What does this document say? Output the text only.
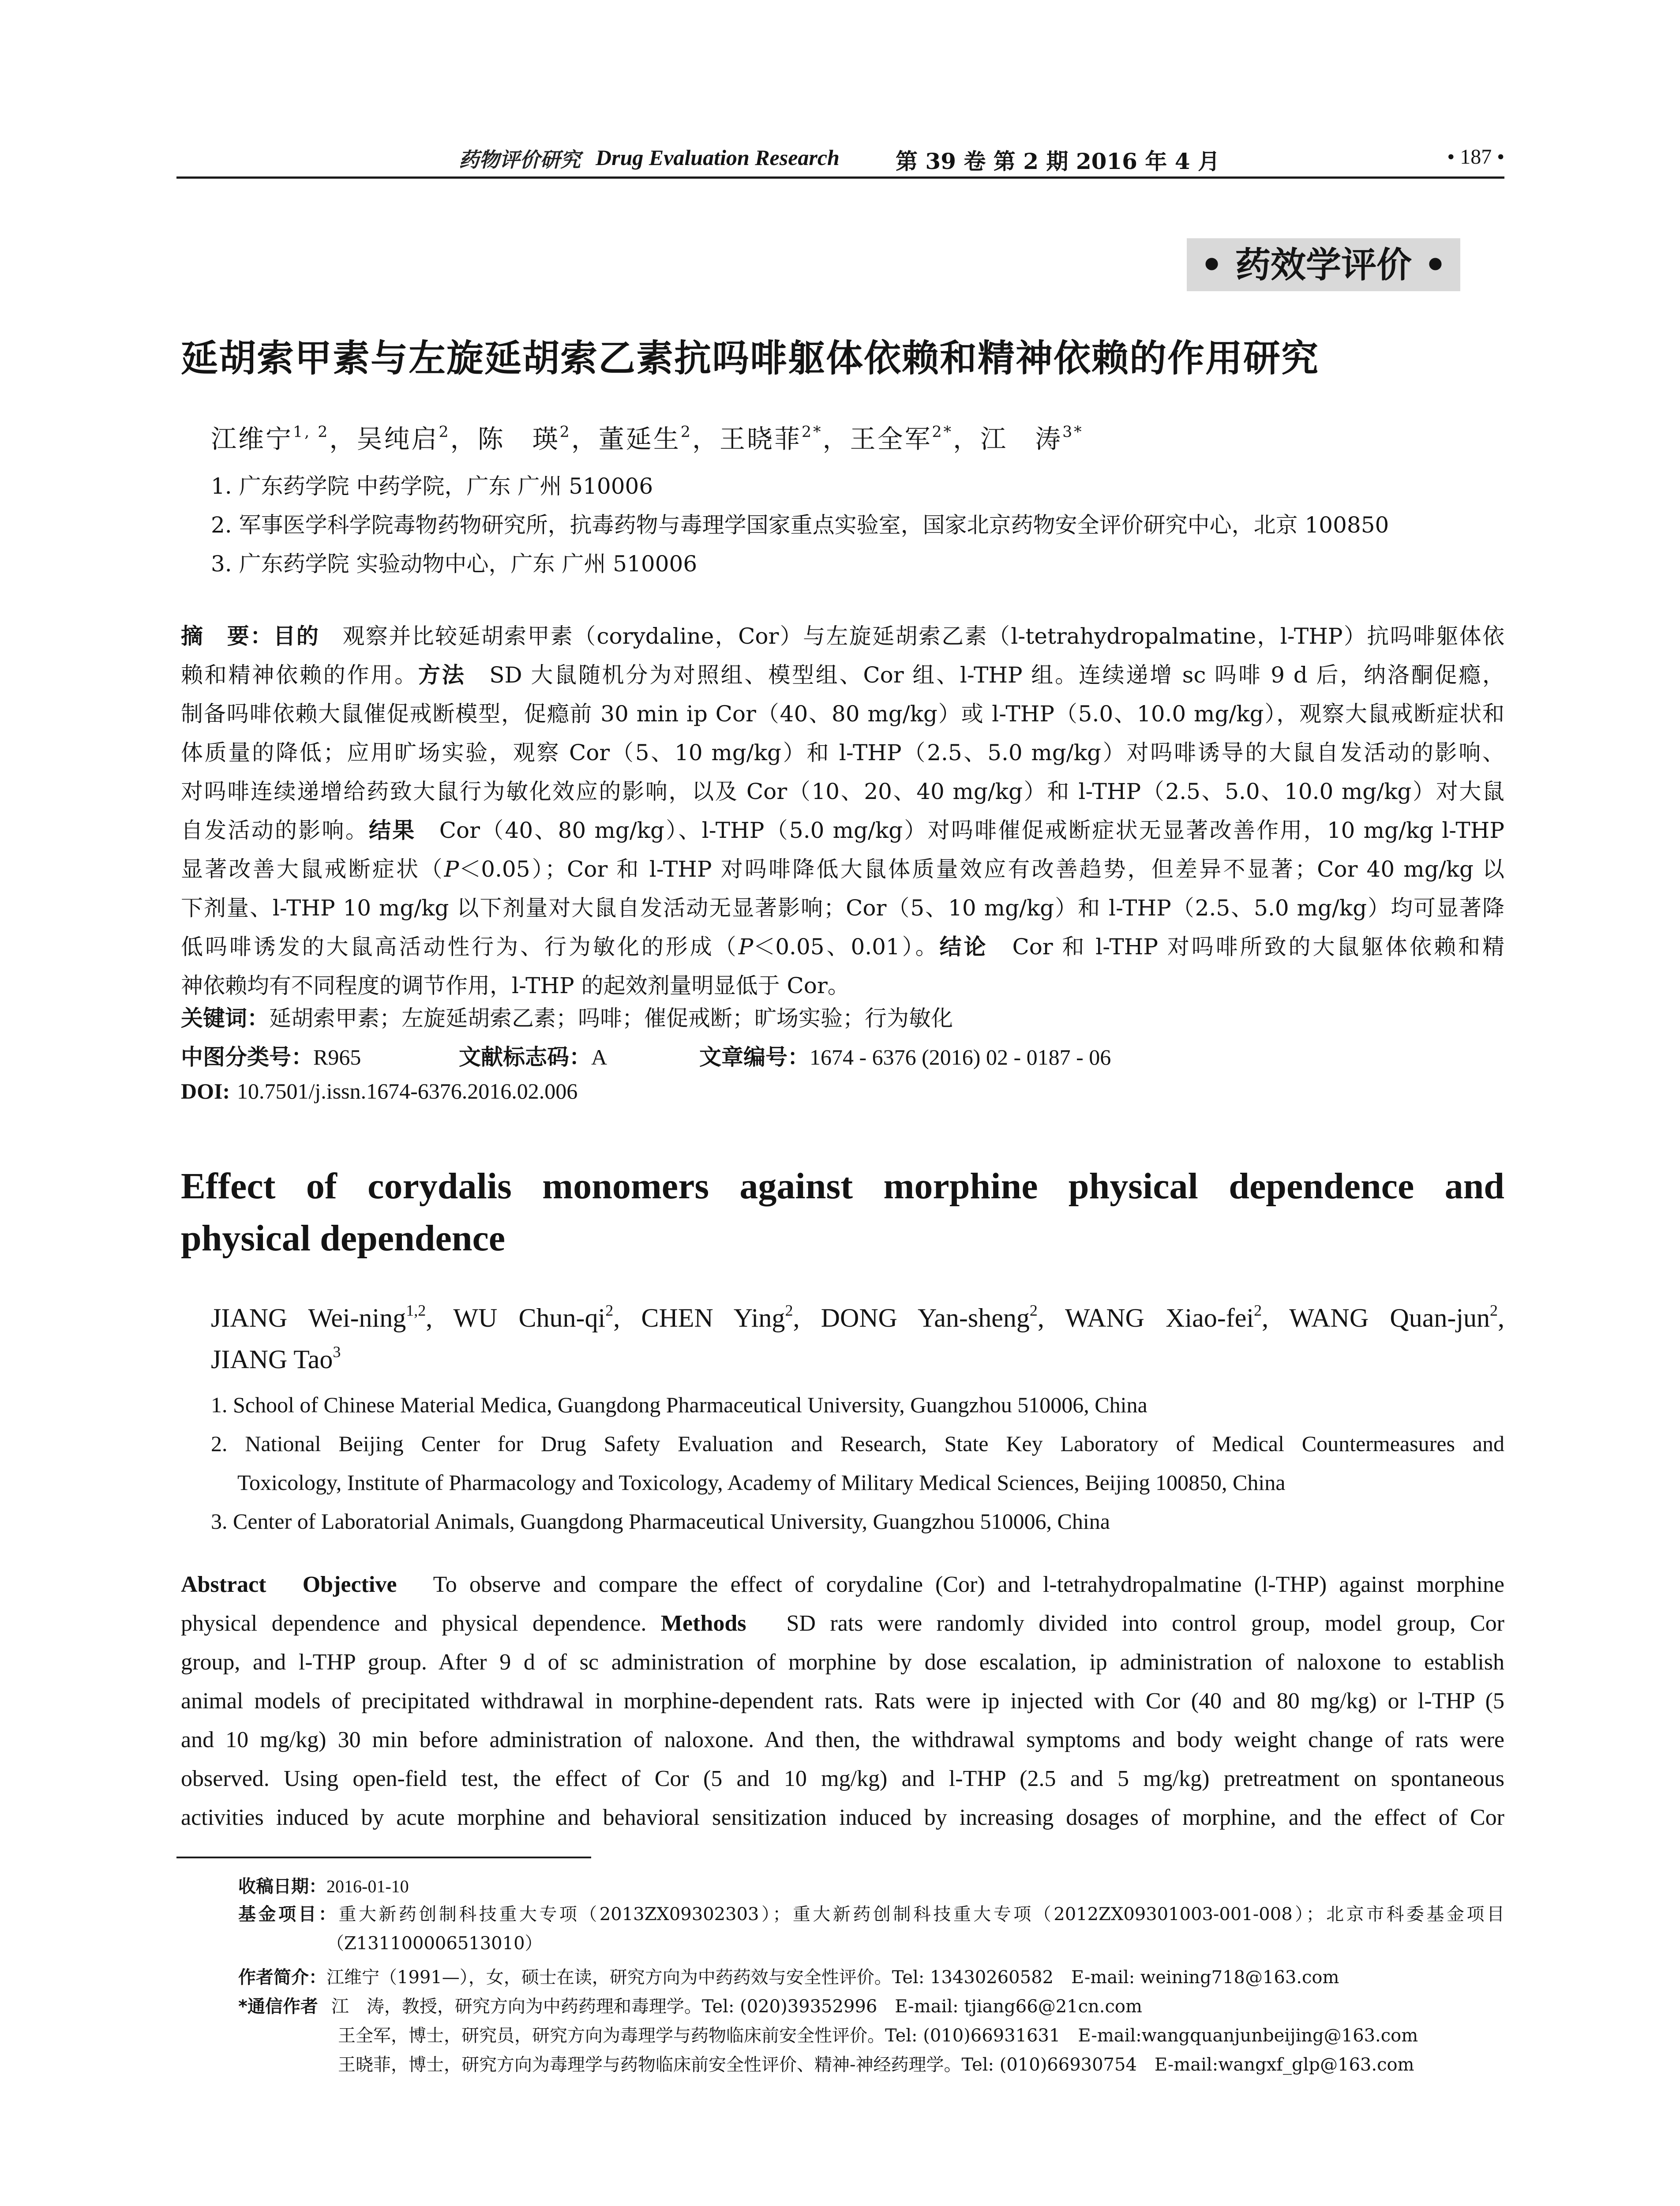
药物评价研究 Drug Evaluation Research	第 39 卷 第 2 期 2016 年 4 月	• 187 •
• 药效学评价 •
延胡索甲素与左旋延胡索乙素抗吗啡躯体依赖和精神依赖的作用研究
江维宁$^{1, 2}$，吴纯启$^2$，陈　瑛$^2$，董延生$^2$，王晓菲$^{2*}$，王全军$^{2*}$，江　涛$^{3*}$
1. 广东药学院 中药学院，广东 广州 510006
2. 军事医学科学院毒物药物研究所，抗毒药物与毒理学国家重点实验室，国家北京药物安全评价研究中心，北京 100850
3. 广东药学院 实验动物中心，广东 广州 510006
摘　要：目的　观察并比较延胡索甲素（corydaline，Cor）与左旋延胡索乙素（l-tetrahydropalmatine，l-THP）抗吗啡躯体依
赖和精神依赖的作用。方法　SD 大鼠随机分为对照组、模型组、Cor 组、l-THP 组。连续递增 sc 吗啡 9 d 后，纳洛酮促瘾，
制备吗啡依赖大鼠催促戒断模型，促瘾前 30 min ip Cor（40、80 mg/kg）或 l-THP（5.0、10.0 mg/kg），观察大鼠戒断症状和
体质量的降低；应用旷场实验，观察 Cor（5、10 mg/kg）和 l-THP（2.5、5.0 mg/kg）对吗啡诱导的大鼠自发活动的影响、
对吗啡连续递增给药致大鼠行为敏化效应的影响，以及 Cor（10、20、40 mg/kg）和 l-THP（2.5、5.0、10.0 mg/kg）对大鼠
自发活动的影响。结果　Cor（40、80 mg/kg）、l-THP（5.0 mg/kg）对吗啡催促戒断症状无显著改善作用，10 mg/kg l-THP
显著改善大鼠戒断症状（P＜0.05）；Cor 和 l-THP 对吗啡降低大鼠体质量效应有改善趋势，但差异不显著；Cor 40 mg/kg 以
下剂量、l-THP 10 mg/kg 以下剂量对大鼠自发活动无显著影响；Cor（5、10 mg/kg）和 l-THP（2.5、5.0 mg/kg）均可显著降
低吗啡诱发的大鼠高活动性行为、行为敏化的形成（P＜0.05、0.01）。结论　Cor 和 l-THP 对吗啡所致的大鼠躯体依赖和精
神依赖均有不同程度的调节作用，l-THP 的起效剂量明显低于 Cor。
关键词：延胡索甲素；左旋延胡索乙素；吗啡；催促戒断；旷场实验；行为敏化
中图分类号：R965	文献标志码：A	文章编号：1674 - 6376 (2016) 02 - 0187 - 06
DOI: 10.7501/j.issn.1674-6376.2016.02.006
Effect of corydalis monomers against morphine physical dependence and
physical dependence
JIANG Wei-ning$^{1,2}$, WU Chun-$qi^2$, CHEN Ying$^2$, DONG Yan-sheng$^2$, WANG Xiao-fei$^2$, WANG Quan-jun$^2$,
JIANG Tao$^3$
1. School of Chinese Material Medica, Guangdong Pharmaceutical University, Guangzhou 510006, China
2. National Beijing Center for Drug Safety Evaluation and Research, State Key Laboratory of Medical Countermeasures and
Toxicology, Institute of Pharmacology and Toxicology, Academy of Military Medical Sciences, Beijing 100850, China
3. Center of Laboratorial Animals, Guangdong Pharmaceutical University, Guangzhou 510006, China
Abstract　Objective　To observe and compare the effect of corydaline (Cor) and l-tetrahydropalmatine (l-THP) against morphine
physical dependence and physical dependence. Methods　SD rats were randomly divided into control group, model group, Cor
group, and l-THP group. After 9 d of sc administration of morphine by dose escalation, ip administration of naloxone to establish
animal models of precipitated withdrawal in morphine-dependent rats. Rats were ip injected with Cor (40 and 80 mg/kg) or l-THP (5
and 10 mg/kg) 30 min before administration of naloxone. And then, the withdrawal symptoms and body weight change of rats were
observed. Using open-field test, the effect of Cor (5 and 10 mg/kg) and l-THP (2.5 and 5 mg/kg) pretreatment on spontaneous
activities induced by acute morphine and behavioral sensitization induced by increasing dosages of morphine, and the effect of Cor
收稿日期：2016-01-10
基金项目：重大新药创制科技重大专项（2013ZX09302303）；重大新药创制科技重大专项（2012ZX09301003-001-008）；北京市科委基金项目
（Z131100006513010）
作者简介：江维宁（1991—），女，硕士在读，研究方向为中药药效与安全性评价。Tel: 13430260582　E-mail: weining718@163.com
*通信作者 江　涛，教授，研究方向为中药药理和毒理学。Tel: (020)39352996　E-mail: tjiang66@21cn.com
王全军，博士，研究员，研究方向为毒理学与药物临床前安全性评价。Tel: (010)66931631　E-mail:wangquanjunbeijing@163.com
王晓菲，博士，研究方向为毒理学与药物临床前安全性评价、精神-神经药理学。Tel: (010)66930754　E-mail:wangxf_glp@163.com
